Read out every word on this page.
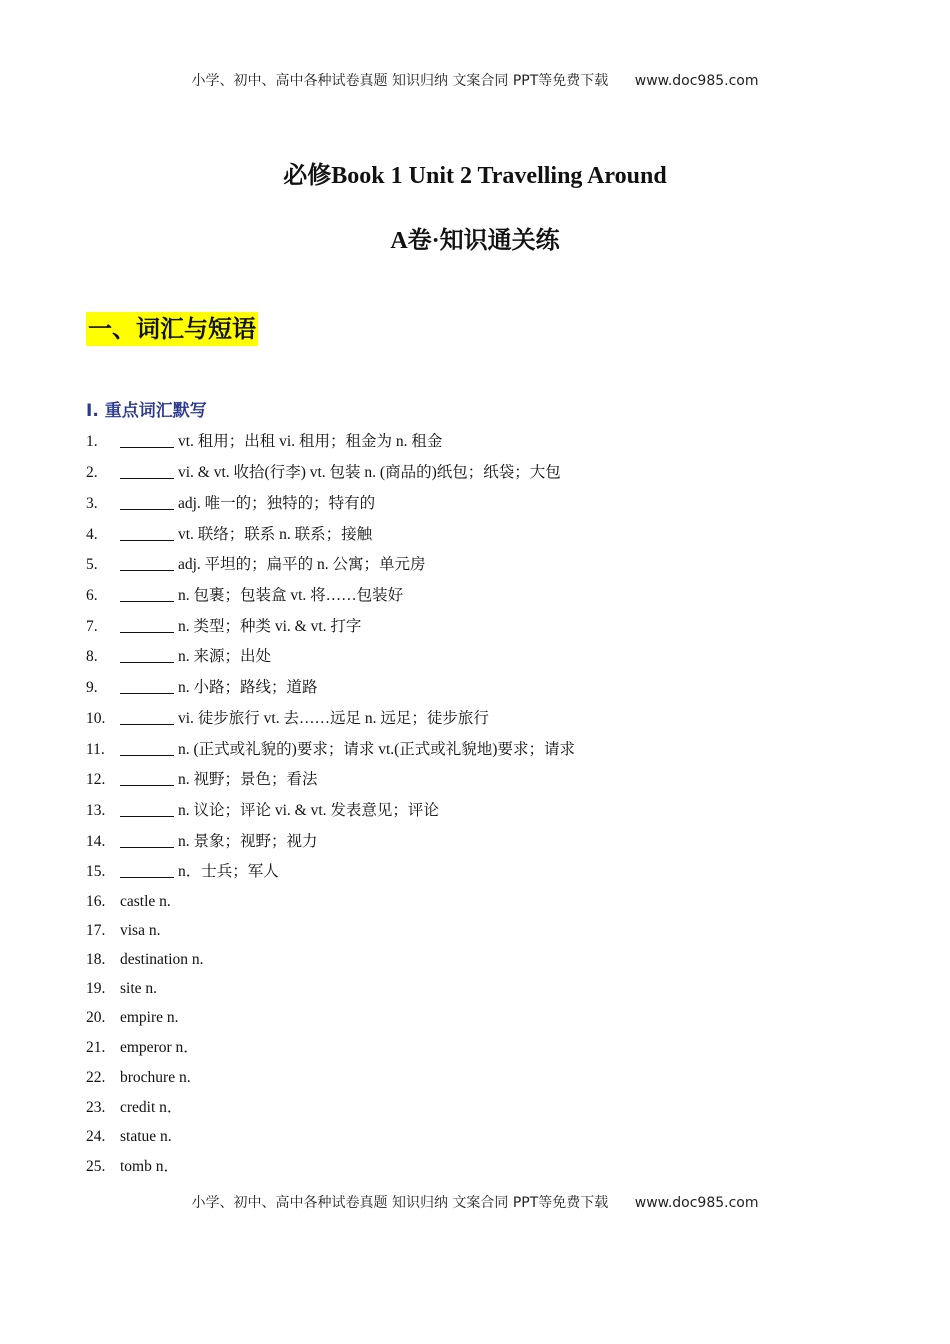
小学、初中、高中各种试卷真题 知识归纳 文案合同 PPT等免费下载 www.doc985.com
必修Book 1 Unit 2 Travelling Around
A卷·知识通关练
一、词汇与短语
I. 重点词汇默写
1.	vt. 租用；出租 vi. 租用；租金为 n. 租金
2.	vi. & vt. 收拾(行李) vt. 包装 n. (商品的)纸包；纸袋；大包
3.	adj. 唯一的；独特的；特有的
4.	vt. 联络；联系 n. 联系；接触
5.	adj. 平坦的；扁平的 n. 公寓；单元房
6.	n. 包裹；包装盒 vt. 将……包装好
7.	n. 类型；种类 vi. & vt. 打字
8.	n. 来源；出处
9.	n. 小路；路线；道路
10.	vi. 徒步旅行 vt. 去……远足 n. 远足；徒步旅行
11.	n. (正式或礼貌的)要求；请求 vt.(正式或礼貌地)要求；请求
12.	n. 视野；景色；看法
13.	n. 议论；评论 vi. & vt. 发表意见；评论
14.	n. 景象；视野；视力
15.	n．士兵；军人
16. castle n.
17. visa n.
18. destination n.
19. site n.
20. empire n.
21. emperor n．
22. brochure n.
23. credit n．
24. statue n.
25. tomb n．
小学、初中、高中各种试卷真题 知识归纳 文案合同 PPT等免费下载 www.doc985.com
